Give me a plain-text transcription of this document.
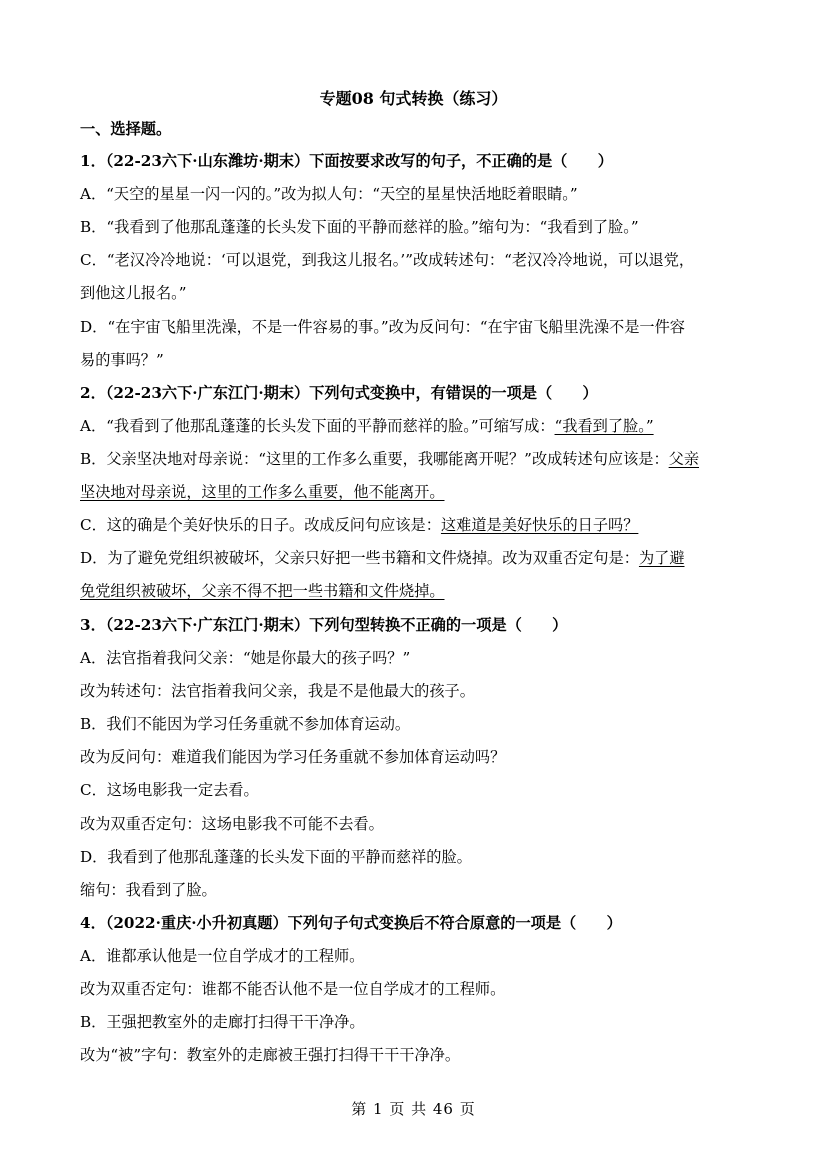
专题08 句式转换（练习）
一、选择题。
1．（22-23六下·山东潍坊·期末）下面按要求改写的句子，不正确的是（　　）
A．“天空的星星一闪一闪的。”改为拟人句：“天空的星星快活地眨着眼睛。”
B．“我看到了他那乱蓬蓬的长头发下面的平静而慈祥的脸。”缩句为：“我看到了脸。”
C．“老汉冷冷地说：‘可以退党，到我这儿报名。’”改成转述句：“老汉冷冷地说，可以退党，
到他这儿报名。”
D．“在宇宙飞船里洗澡，不是一件容易的事。”改为反问句：“在宇宙飞船里洗澡不是一件容
易的事吗？”
2．（22-23六下·广东江门·期末）下列句式变换中，有错误的一项是（　　）
A．“我看到了他那乱蓬蓬的长头发下面的平静而慈祥的脸。”可缩写成：“我看到了脸。”
B．父亲坚决地对母亲说：“这里的工作多么重要，我哪能离开呢？”改成转述句应该是：父亲
坚决地对母亲说，这里的工作多么重要，他不能离开。
C．这的确是个美好快乐的日子。改成反问句应该是：这难道是美好快乐的日子吗？
D．为了避免党组织被破坏，父亲只好把一些书籍和文件烧掉。改为双重否定句是：为了避
免党组织被破坏，父亲不得不把一些书籍和文件烧掉。
3．（22-23六下·广东江门·期末）下列句型转换不正确的一项是（　　）
A．法官指着我问父亲：“她是你最大的孩子吗？”
改为转述句：法官指着我问父亲，我是不是他最大的孩子。
B．我们不能因为学习任务重就不参加体育运动。
改为反问句：难道我们能因为学习任务重就不参加体育运动吗？
C．这场电影我一定去看。
改为双重否定句：这场电影我不可能不去看。
D．我看到了他那乱蓬蓬的长头发下面的平静而慈祥的脸。
缩句：我看到了脸。
4．（2022·重庆·小升初真题）下列句子句式变换后不符合原意的一项是（　　）
A．谁都承认他是一位自学成才的工程师。
改为双重否定句：谁都不能否认他不是一位自学成才的工程师。
B．王强把教室外的走廊打扫得干干净净。
改为“被”字句：教室外的走廊被王强打扫得干干干净净。
第 1 页 共 46 页
